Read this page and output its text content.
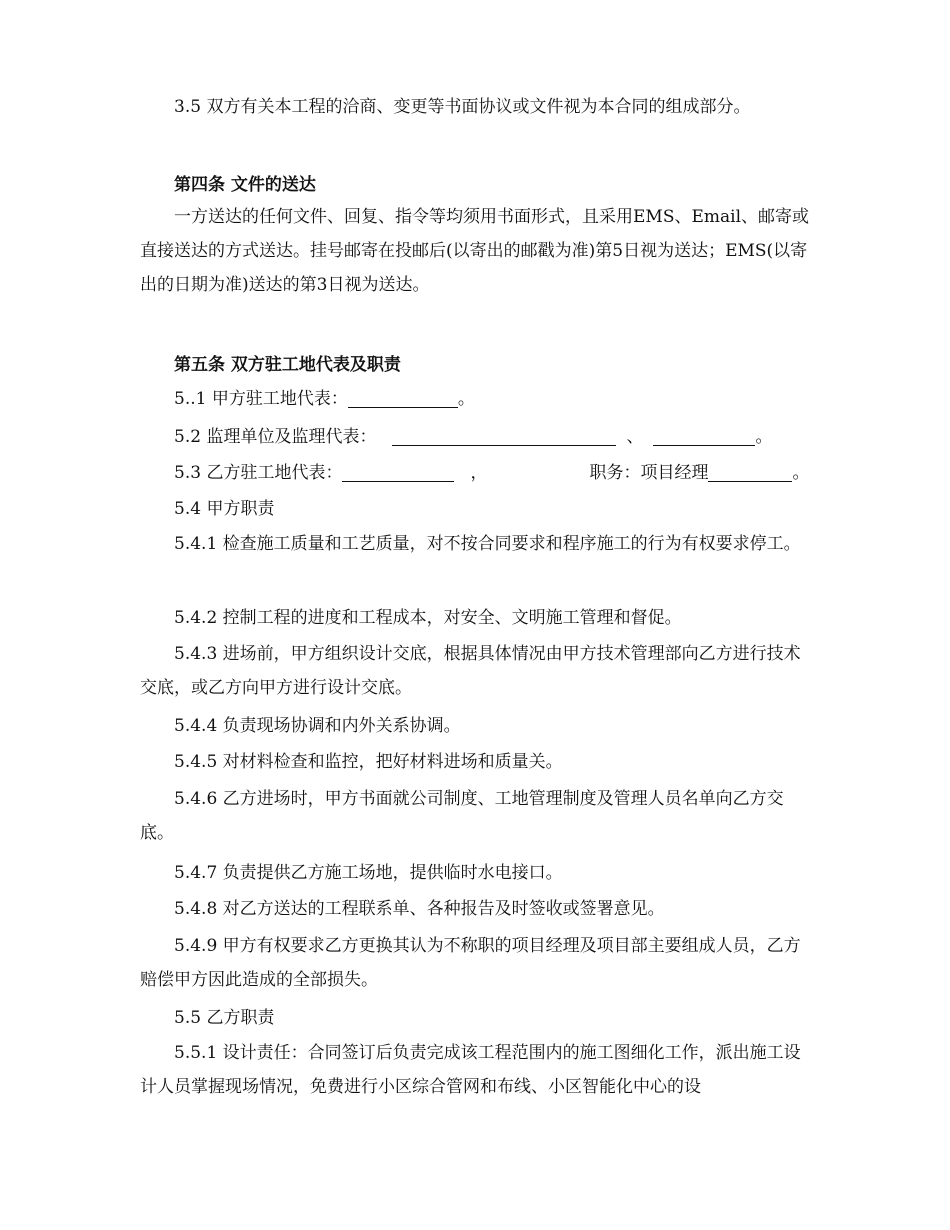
3.5 双方有关本工程的洽商、变更等书面协议或文件视为本合同的组成部分。
第四条 文件的送达
一方送达的任何文件、回复、指令等均须用书面形式，且采用EMS、Email、邮寄或直接送达的方式送达。挂号邮寄在投邮后(以寄出的邮戳为准)第5日视为送达；EMS(以寄出的日期为准)送达的第3日视为送达。
第五条 双方驻工地代表及职责
5..1 甲方驻工地代表：	。
5.2 监理单位及监理代表：	、	。
5.3 乙方驻工地代表：	，	职务：项目经理	。
5.4 甲方职责
5.4.1 检查施工质量和工艺质量，对不按合同要求和程序施工的行为有权要求停工。
5.4.2 控制工程的进度和工程成本，对安全、文明施工管理和督促。
5.4.3 进场前，甲方组织设计交底，根据具体情况由甲方技术管理部向乙方进行技术交底，或乙方向甲方进行设计交底。
5.4.4 负责现场协调和内外关系协调。
5.4.5 对材料检查和监控，把好材料进场和质量关。
5.4.6 乙方进场时，甲方书面就公司制度、工地管理制度及管理人员名单向乙方交底。
5.4.7 负责提供乙方施工场地，提供临时水电接口。
5.4.8 对乙方送达的工程联系单、各种报告及时签收或签署意见。
5.4.9 甲方有权要求乙方更换其认为不称职的项目经理及项目部主要组成人员，乙方赔偿甲方因此造成的全部损失。
5.5 乙方职责
5.5.1 设计责任：合同签订后负责完成该工程范围内的施工图细化工作，派出施工设计人员掌握现场情况，免费进行小区综合管网和布线、小区智能化中心的设
